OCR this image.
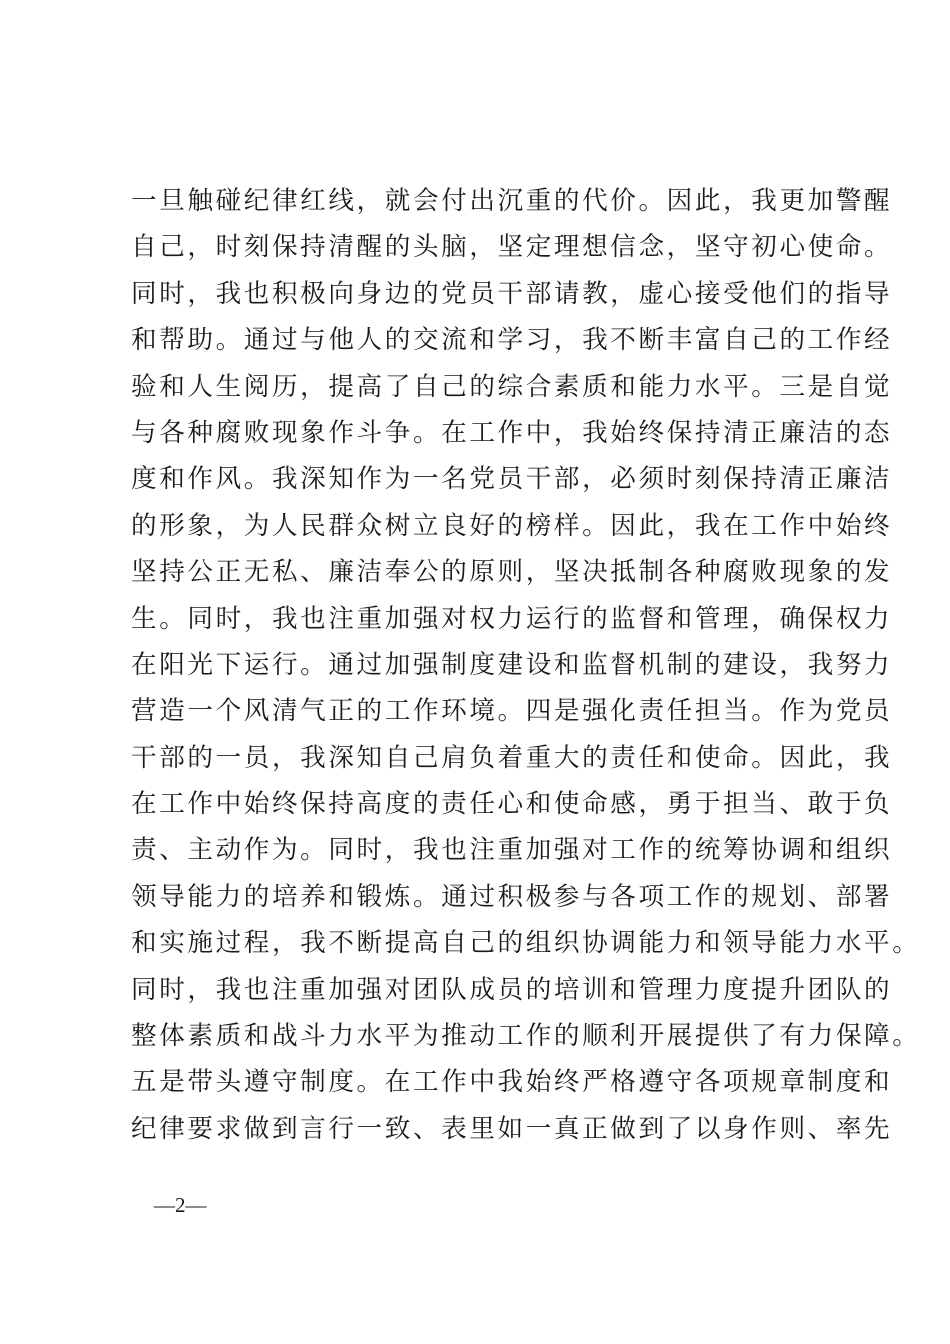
一旦触碰纪律红线，就会付出沉重的代价。因此，我更加警醒
自己，时刻保持清醒的头脑，坚定理想信念，坚守初心使命。
同时，我也积极向身边的党员干部请教，虚心接受他们的指导
和帮助。通过与他人的交流和学习，我不断丰富自己的工作经
验和人生阅历，提高了自己的综合素质和能力水平。三是自觉
与各种腐败现象作斗争。在工作中，我始终保持清正廉洁的态
度和作风。我深知作为一名党员干部，必须时刻保持清正廉洁
的形象，为人民群众树立良好的榜样。因此，我在工作中始终
坚持公正无私、廉洁奉公的原则，坚决抵制各种腐败现象的发
生。同时，我也注重加强对权力运行的监督和管理，确保权力
在阳光下运行。通过加强制度建设和监督机制的建设，我努力
营造一个风清气正的工作环境。四是强化责任担当。作为党员
干部的一员，我深知自己肩负着重大的责任和使命。因此，我
在工作中始终保持高度的责任心和使命感，勇于担当、敢于负
责、主动作为。同时，我也注重加强对工作的统筹协调和组织
领导能力的培养和锻炼。通过积极参与各项工作的规划、部署
和实施过程，我不断提高自己的组织协调能力和领导能力水平。
同时，我也注重加强对团队成员的培训和管理力度提升团队的
整体素质和战斗力水平为推动工作的顺利开展提供了有力保障。
五是带头遵守制度。在工作中我始终严格遵守各项规章制度和
纪律要求做到言行一致、表里如一真正做到了以身作则、率先
—2—
